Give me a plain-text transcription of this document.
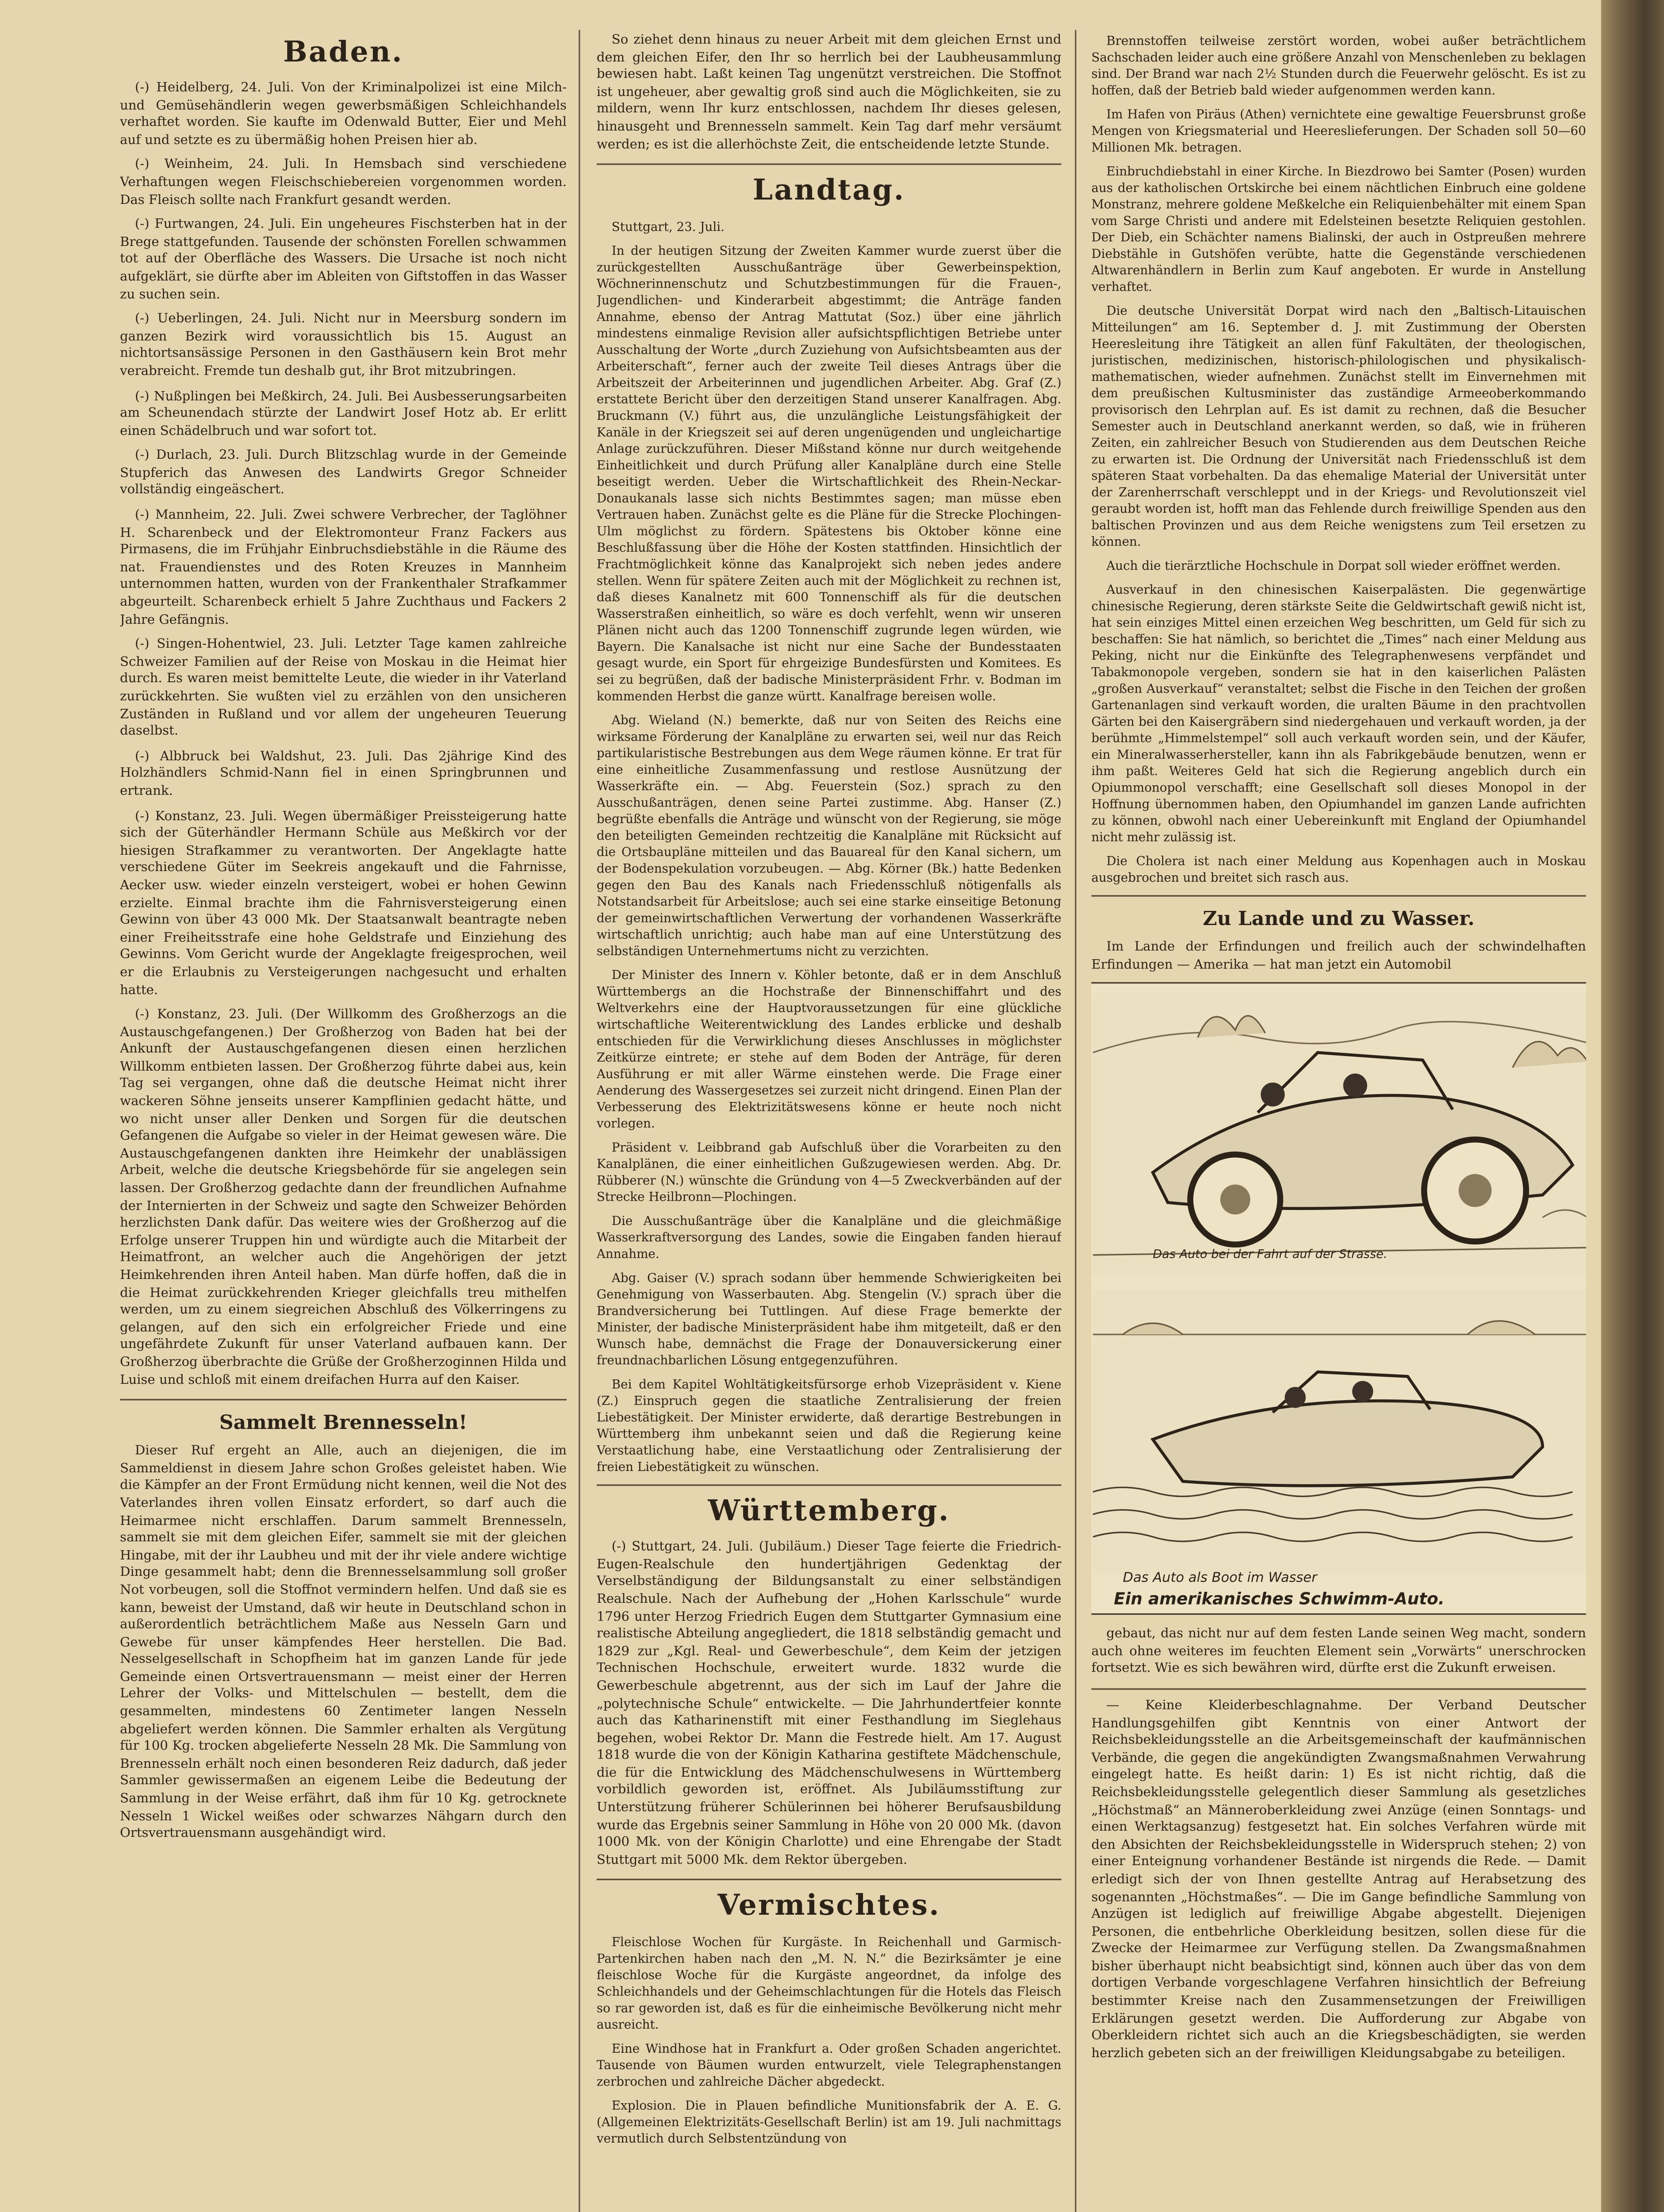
Baden.

(-) Heidelberg, 24. Juli. Von der Kriminalpolizei ist eine Milch- und Gemüsehändlerin wegen gewerbsmäßigen Schleichhandels verhaftet worden. Sie kaufte im Odenwald Butter, Eier und Mehl auf und setzte es zu übermäßig hohen Preisen hier ab.

(-) Weinheim, 24. Juli. In Hemsbach sind verschiedene Verhaftungen wegen Fleischschiebereien vorgenommen worden. Das Fleisch sollte nach Frankfurt gesandt werden.

(-) Furtwangen, 24. Juli. Ein ungeheures Fischsterben hat in der Brege stattgefunden. Tausende der schönsten Forellen schwammen tot auf der Oberfläche des Wassers. Die Ursache ist noch nicht aufgeklärt, sie dürfte aber im Ableiten von Giftstoffen in das Wasser zu suchen sein.

(-) Ueberlingen, 24. Juli. Nicht nur in Meersburg sondern im ganzen Bezirk wird voraussichtlich bis 15. August an nichtortsansässige Personen in den Gasthäusern kein Brot mehr verabreicht. Fremde tun deshalb gut, ihr Brot mitzubringen.

(-) Nußplingen bei Meßkirch, 24. Juli. Bei Ausbesserungsarbeiten am Scheunendach stürzte der Landwirt Josef Hotz ab. Er erlitt einen Schädelbruch und war sofort tot.

(-) Durlach, 23. Juli. Durch Blitzschlag wurde in der Gemeinde Stupferich das Anwesen des Landwirts Gregor Schneider vollständig eingeäschert.

(-) Mannheim, 22. Juli. Zwei schwere Verbrecher, der Taglöhner H. Scharenbeck und der Elektromonteur Franz Fackers aus Pirmasens, die im Frühjahr Einbruchsdiebstähle in die Räume des nat. Frauendienstes und des Roten Kreuzes in Mannheim unternommen hatten, wurden von der Frankenthaler Strafkammer abgeurteilt. Scharenbeck erhielt 5 Jahre Zuchthaus und Fackers 2 Jahre Gefängnis.

(-) Singen-Hohentwiel, 23. Juli. Letzter Tage kamen zahlreiche Schweizer Familien auf der Reise von Moskau in die Heimat hier durch. Es waren meist bemittelte Leute, die wieder in ihr Vaterland zurückkehrten. Sie wußten viel zu erzählen von den unsicheren Zuständen in Rußland und vor allem der ungeheuren Teuerung daselbst.

(-) Albbruck bei Waldshut, 23. Juli. Das 2jährige Kind des Holzhändlers Schmid-Nann fiel in einen Springbrunnen und ertrank.

(-) Konstanz, 23. Juli. Wegen übermäßiger Preissteigerung hatte sich der Güterhändler Hermann Schüle aus Meßkirch vor der hiesigen Strafkammer zu verantworten. Der Angeklagte hatte verschiedene Güter im Seekreis angekauft und die Fahrnisse, Aecker usw. wieder einzeln versteigert, wobei er hohen Gewinn erzielte. Einmal brachte ihm die Fahrnisversteigerung einen Gewinn von über 43 000 Mk. Der Staatsanwalt beantragte neben einer Freiheitsstrafe eine hohe Geldstrafe und Einziehung des Gewinns. Vom Gericht wurde der Angeklagte freigesprochen, weil er die Erlaubnis zu Versteigerungen nachgesucht und erhalten hatte.

(-) Konstanz, 23. Juli. (Der Willkomm des Großherzogs an die Austauschgefangenen.) Der Großherzog von Baden hat bei der Ankunft der Austauschgefangenen diesen einen herzlichen Willkomm entbieten lassen. Der Großherzog führte dabei aus, kein Tag sei vergangen, ohne daß die deutsche Heimat nicht ihrer wackeren Söhne jenseits unserer Kampflinien gedacht hätte, und wo nicht unser aller Denken und Sorgen für die deutschen Gefangenen die Aufgabe so vieler in der Heimat gewesen wäre. Die Austauschgefangenen dankten ihre Heimkehr der unablässigen Arbeit, welche die deutsche Kriegsbehörde für sie angelegen sein lassen. Der Großherzog gedachte dann der freundlichen Aufnahme der Internierten in der Schweiz und sagte den Schweizer Behörden herzlichsten Dank dafür. Das weitere wies der Großherzog auf die Erfolge unserer Truppen hin und würdigte auch die Mitarbeit der Heimatfront, an welcher auch die Angehörigen der jetzt Heimkehrenden ihren Anteil haben. Man dürfe hoffen, daß die in die Heimat zurückkehrenden Krieger gleichfalls treu mithelfen werden, um zu einem siegreichen Abschluß des Völkerringens zu gelangen, auf den sich ein erfolgreicher Friede und eine ungefährdete Zukunft für unser Vaterland aufbauen kann. Der Großherzog überbrachte die Grüße der Großherzoginnen Hilda und Luise und schloß mit einem dreifachen Hurra auf den Kaiser.

Sammelt Brennesseln!

Dieser Ruf ergeht an Alle, auch an diejenigen, die im Sammeldienst in diesem Jahre schon Großes geleistet haben. Wie die Kämpfer an der Front Ermüdung nicht kennen, weil die Not des Vaterlandes ihren vollen Einsatz erfordert, so darf auch die Heimarmee nicht erschlaffen. Darum sammelt Brennesseln, sammelt sie mit dem gleichen Eifer, sammelt sie mit der gleichen Hingabe, mit der ihr Laubheu und mit der ihr viele andere wichtige Dinge gesammelt habt; denn die Brennesselsammlung soll großer Not vorbeugen, soll die Stoffnot vermindern helfen. Und daß sie es kann, beweist der Umstand, daß wir heute in Deutschland schon in außerordentlich beträchtlichem Maße aus Nesseln Garn und Gewebe für unser kämpfendes Heer herstellen. Die Bad. Nesselgesellschaft in Schopfheim hat im ganzen Lande für jede Gemeinde einen Ortsvertrauensmann — meist einer der Herren Lehrer der Volks- und Mittelschulen — bestellt, dem die gesammelten, mindestens 60 Zentimeter langen Nesseln abgeliefert werden können. Die Sammler erhalten als Vergütung für 100 Kg. trocken abgelieferte Nesseln 28 Mk. Die Sammlung von Brennesseln erhält noch einen besonderen Reiz dadurch, daß jeder Sammler gewissermaßen an eigenem Leibe die Bedeutung der Sammlung in der Weise erfährt, daß ihm für 10 Kg. getrocknete Nesseln 1 Wickel weißes oder schwarzes Nähgarn durch den Ortsvertrauensmann ausgehändigt wird.

So ziehet denn hinaus zu neuer Arbeit mit dem gleichen Ernst und dem gleichen Eifer, den Ihr so herrlich bei der Laubheusammlung bewiesen habt. Laßt keinen Tag ungenützt verstreichen. Die Stoffnot ist ungeheuer, aber gewaltig groß sind auch die Möglichkeiten, sie zu mildern, wenn Ihr kurz entschlossen, nachdem Ihr dieses gelesen, hinausgeht und Brennesseln sammelt. Kein Tag darf mehr versäumt werden; es ist die allerhöchste Zeit, die entscheidende letzte Stunde.

Landtag.

Stuttgart, 23. Juli.

In der heutigen Sitzung der Zweiten Kammer wurde zuerst über die zurückgestellten Ausschußanträge über Gewerbeinspektion, Wöchnerinnenschutz und Schutzbestimmungen für die Frauen-, Jugendlichen- und Kinderarbeit abgestimmt; die Anträge fanden Annahme, ebenso der Antrag Mattutat (Soz.) über eine jährlich mindestens einmalige Revision aller aufsichtspflichtigen Betriebe unter Ausschaltung der Worte „durch Zuziehung von Aufsichtsbeamten aus der Arbeiterschaft“, ferner auch der zweite Teil dieses Antrags über die Arbeitszeit der Arbeiterinnen und jugendlichen Arbeiter. Abg. Graf (Z.) erstattete Bericht über den derzeitigen Stand unserer Kanalfragen. Abg. Bruckmann (V.) führt aus, die unzulängliche Leistungsfähigkeit der Kanäle in der Kriegszeit sei auf deren ungenügenden und ungleichartige Anlage zurückzuführen. Dieser Mißstand könne nur durch weitgehende Einheitlichkeit und durch Prüfung aller Kanalpläne durch eine Stelle beseitigt werden. Ueber die Wirtschaftlichkeit des Rhein-Neckar-Donaukanals lasse sich nichts Bestimmtes sagen; man müsse eben Vertrauen haben. Zunächst gelte es die Pläne für die Strecke Plochingen-Ulm möglichst zu fördern. Spätestens bis Oktober könne eine Beschlußfassung über die Höhe der Kosten stattfinden. Hinsichtlich der Frachtmöglichkeit könne das Kanalprojekt sich neben jedes andere stellen. Wenn für spätere Zeiten auch mit der Möglichkeit zu rechnen ist, daß dieses Kanalnetz mit 600 Tonnenschiff als für die deutschen Wasserstraßen einheitlich, so wäre es doch verfehlt, wenn wir unseren Plänen nicht auch das 1200 Tonnenschiff zugrunde legen würden, wie Bayern. Die Kanalsache ist nicht nur eine Sache der Bundesstaaten gesagt wurde, ein Sport für ehrgeizige Bundesfürsten und Komitees. Es sei zu begrüßen, daß der badische Ministerpräsident Frhr. v. Bodman im kommenden Herbst die ganze württ. Kanalfrage bereisen wolle.

Abg. Wieland (N.) bemerkte, daß nur von Seiten des Reichs eine wirksame Förderung der Kanalpläne zu erwarten sei, weil nur das Reich partikularistische Bestrebungen aus dem Wege räumen könne. Er trat für eine einheitliche Zusammenfassung und restlose Ausnützung der Wasserkräfte ein. — Abg. Feuerstein (Soz.) sprach zu den Ausschußanträgen, denen seine Partei zustimme. Abg. Hanser (Z.) begrüßte ebenfalls die Anträge und wünscht von der Regierung, sie möge den beteiligten Gemeinden rechtzeitig die Kanalpläne mit Rücksicht auf die Ortsbaupläne mitteilen und das Bauareal für den Kanal sichern, um der Bodenspekulation vorzubeugen. — Abg. Körner (Bk.) hatte Bedenken gegen den Bau des Kanals nach Friedensschluß nötigenfalls als Notstandsarbeit für Arbeitslose; auch sei eine starke einseitige Betonung der gemeinwirtschaftlichen Verwertung der vorhandenen Wasserkräfte wirtschaftlich unrichtig; auch habe man auf eine Unterstützung des selbständigen Unternehmertums nicht zu verzichten.

Der Minister des Innern v. Köhler betonte, daß er in dem Anschluß Württembergs an die Hochstraße der Binnenschiffahrt und des Weltverkehrs eine der Hauptvoraussetzungen für eine glückliche wirtschaftliche Weiterentwicklung des Landes erblicke und deshalb entschieden für die Verwirklichung dieses Anschlusses in möglichster Zeitkürze eintrete; er stehe auf dem Boden der Anträge, für deren Ausführung er mit aller Wärme einstehen werde. Die Frage einer Aenderung des Wassergesetzes sei zurzeit nicht dringend. Einen Plan der Verbesserung des Elektrizitätswesens könne er heute noch nicht vorlegen.

Präsident v. Leibbrand gab Aufschluß über die Vorarbeiten zu den Kanalplänen, die einer einheitlichen Gußzugewiesen werden. Abg. Dr. Rübberer (N.) wünschte die Gründung von 4—5 Zweckverbänden auf der Strecke Heilbronn—Plochingen.

Die Ausschußanträge über die Kanalpläne und die gleichmäßige Wasserkraftversorgung des Landes, sowie die Eingaben fanden hierauf Annahme.

Abg. Gaiser (V.) sprach sodann über hemmende Schwierigkeiten bei Genehmigung von Wasserbauten. Abg. Stengelin (V.) sprach über die Brandversicherung bei Tuttlingen. Auf diese Frage bemerkte der Minister, der badische Ministerpräsident habe ihm mitgeteilt, daß er den Wunsch habe, demnächst die Frage der Donauversickerung einer freundnachbarlichen Lösung entgegenzuführen.

Bei dem Kapitel Wohltätigkeitsfürsorge erhob Vizepräsident v. Kiene (Z.) Einspruch gegen die staatliche Zentralisierung der freien Liebestätigkeit. Der Minister erwiderte, daß derartige Bestrebungen in Württemberg ihm unbekannt seien und daß die Regierung keine Verstaatlichung habe, eine Verstaatlichung oder Zentralisierung der freien Liebestätigkeit zu wünschen.

Württemberg.

(-) Stuttgart, 24. Juli. (Jubiläum.) Dieser Tage feierte die Friedrich-Eugen-Realschule den hundertjährigen Gedenktag der Verselbständigung der Bildungsanstalt zu einer selbständigen Realschule. Nach der Aufhebung der „Hohen Karlsschule“ wurde 1796 unter Herzog Friedrich Eugen dem Stuttgarter Gymnasium eine realistische Abteilung angegliedert, die 1818 selbständig gemacht und 1829 zur „Kgl. Real- und Gewerbeschule“, dem Keim der jetzigen Technischen Hochschule, erweitert wurde. 1832 wurde die Gewerbeschule abgetrennt, aus der sich im Lauf der Jahre die „polytechnische Schule“ entwickelte. — Die Jahrhundertfeier konnte auch das Katharinenstift mit einer Festhandlung im Sieglehaus begehen, wobei Rektor Dr. Mann die Festrede hielt. Am 17. August 1818 wurde die von der Königin Katharina gestiftete Mädchenschule, die für die Entwicklung des Mädchenschulwesens in Württemberg vorbildlich geworden ist, eröffnet. Als Jubiläumsstiftung zur Unterstützung früherer Schülerinnen bei höherer Berufsausbildung wurde das Ergebnis seiner Sammlung in Höhe von 20 000 Mk. (davon 1000 Mk. von der Königin Charlotte) und eine Ehrengabe der Stadt Stuttgart mit 5000 Mk. dem Rektor übergeben.

Vermischtes.

Fleischlose Wochen für Kurgäste. In Reichenhall und Garmisch-Partenkirchen haben nach den „M. N. N.“ die Bezirksämter je eine fleischlose Woche für die Kurgäste angeordnet, da infolge des Schleichhandels und der Geheimschlachtungen für die Hotels das Fleisch so rar geworden ist, daß es für die einheimische Bevölkerung nicht mehr ausreicht.

Eine Windhose hat in Frankfurt a. Oder großen Schaden angerichtet. Tausende von Bäumen wurden entwurzelt, viele Telegraphenstangen zerbrochen und zahlreiche Dächer abgedeckt.

Explosion. Die in Plauen befindliche Munitionsfabrik der A. E. G. (Allgemeinen Elektrizitäts-Gesellschaft Berlin) ist am 19. Juli nachmittags vermutlich durch Selbstentzündung von

Brennstoffen teilweise zerstört worden, wobei außer beträchtlichem Sachschaden leider auch eine größere Anzahl von Menschenleben zu beklagen sind. Der Brand war nach 2½ Stunden durch die Feuerwehr gelöscht. Es ist zu hoffen, daß der Betrieb bald wieder aufgenommen werden kann.

Im Hafen von Piräus (Athen) vernichtete eine gewaltige Feuersbrunst große Mengen von Kriegsmaterial und Heereslieferungen. Der Schaden soll 50—60 Millionen Mk. betragen.

Einbruchdiebstahl in einer Kirche. In Biezdrowo bei Samter (Posen) wurden aus der katholischen Ortskirche bei einem nächtlichen Einbruch eine goldene Monstranz, mehrere goldene Meßkelche ein Reliquienbehälter mit einem Span vom Sarge Christi und andere mit Edelsteinen besetzte Reliquien gestohlen. Der Dieb, ein Schächter namens Bialinski, der auch in Ostpreußen mehrere Diebstähle in Gutshöfen verübte, hatte die Gegenstände verschiedenen Altwarenhändlern in Berlin zum Kauf angeboten. Er wurde in Anstellung verhaftet.

Die deutsche Universität Dorpat wird nach den „Baltisch-Litauischen Mitteilungen“ am 16. September d. J. mit Zustimmung der Obersten Heeresleitung ihre Tätigkeit an allen fünf Fakultäten, der theologischen, juristischen, medizinischen, historisch-philologischen und physikalisch-mathematischen, wieder aufnehmen. Zunächst stellt im Einvernehmen mit dem preußischen Kultusminister das zuständige Armeeoberkommando provisorisch den Lehrplan auf. Es ist damit zu rechnen, daß die Besucher Semester auch in Deutschland anerkannt werden, so daß, wie in früheren Zeiten, ein zahlreicher Besuch von Studierenden aus dem Deutschen Reiche zu erwarten ist. Die Ordnung der Universität nach Friedensschluß ist dem späteren Staat vorbehalten. Da das ehemalige Material der Universität unter der Zarenherrschaft verschleppt und in der Kriegs- und Revolutionszeit viel geraubt worden ist, hofft man das Fehlende durch freiwillige Spenden aus den baltischen Provinzen und aus dem Reiche wenigstens zum Teil ersetzen zu können.

Auch die tierärztliche Hochschule in Dorpat soll wieder eröffnet werden.

Ausverkauf in den chinesischen Kaiserpalästen. Die gegenwärtige chinesische Regierung, deren stärkste Seite die Geldwirtschaft gewiß nicht ist, hat sein einziges Mittel einen erzeichen Weg beschritten, um Geld für sich zu beschaffen: Sie hat nämlich, so berichtet die „Times“ nach einer Meldung aus Peking, nicht nur die Einkünfte des Telegraphenwesens verpfändet und Tabakmonopole vergeben, sondern sie hat in den kaiserlichen Palästen „großen Ausverkauf“ veranstaltet; selbst die Fische in den Teichen der großen Gartenanlagen sind verkauft worden, die uralten Bäume in den prachtvollen Gärten bei den Kaisergräbern sind niedergehauen und verkauft worden, ja der berühmte „Himmelstempel“ soll auch verkauft worden sein, und der Käufer, ein Mineralwasserhersteller, kann ihn als Fabrikgebäude benutzen, wenn er ihm paßt. Weiteres Geld hat sich die Regierung angeblich durch ein Opiummonopol verschafft; eine Gesellschaft soll dieses Monopol in der Hoffnung übernommen haben, den Opiumhandel im ganzen Lande aufrichten zu können, obwohl nach einer Uebereinkunft mit England der Opiumhandel nicht mehr zulässig ist.

Die Cholera ist nach einer Meldung aus Kopenhagen auch in Moskau ausgebrochen und breitet sich rasch aus.

Zu Lande und zu Wasser.

Im Lande der Erfindungen und freilich auch der schwindelhaften Erfindungen — Amerika — hat man jetzt ein Automobil

Das Auto bei der Fahrt auf der Strasse.
Das Auto als Boot im Wasser
Ein amerikanisches Schwimm-Auto.

gebaut, das nicht nur auf dem festen Lande seinen Weg macht, sondern auch ohne weiteres im feuchten Element sein „Vorwärts“ unerschrocken fortsetzt. Wie es sich bewähren wird, dürfte erst die Zukunft erweisen.

— Keine Kleiderbeschlagnahme. Der Verband Deutscher Handlungsgehilfen gibt Kenntnis von einer Antwort der Reichsbekleidungsstelle an die Arbeitsgemeinschaft der kaufmännischen Verbände, die gegen die angekündigten Zwangsmaßnahmen Verwahrung eingelegt hatte. Es heißt darin: 1) Es ist nicht richtig, daß die Reichsbekleidungsstelle gelegentlich dieser Sammlung als gesetzliches „Höchstmaß“ an Männeroberkleidung zwei Anzüge (einen Sonntags- und einen Werktagsanzug) festgesetzt hat. Ein solches Verfahren würde mit den Absichten der Reichsbekleidungsstelle in Widerspruch stehen; 2) von einer Enteignung vorhandener Bestände ist nirgends die Rede. — Damit erledigt sich der von Ihnen gestellte Antrag auf Herabsetzung des sogenannten „Höchstmaßes“. — Die im Gange befindliche Sammlung von Anzügen ist lediglich auf freiwillige Abgabe abgestellt. Diejenigen Personen, die entbehrliche Oberkleidung besitzen, sollen diese für die Zwecke der Heimarmee zur Verfügung stellen. Da Zwangsmaßnahmen bisher überhaupt nicht beabsichtigt sind, können auch über das von dem dortigen Verbande vorgeschlagene Verfahren hinsichtlich der Befreiung bestimmter Kreise nach den Zusammensetzungen der Freiwilligen Erklärungen gesetzt werden. Die Aufforderung zur Abgabe von Oberkleidern richtet sich auch an die Kriegsbeschädigten, sie werden herzlich gebeten sich an der freiwilligen Kleidungsabgabe zu beteiligen.
